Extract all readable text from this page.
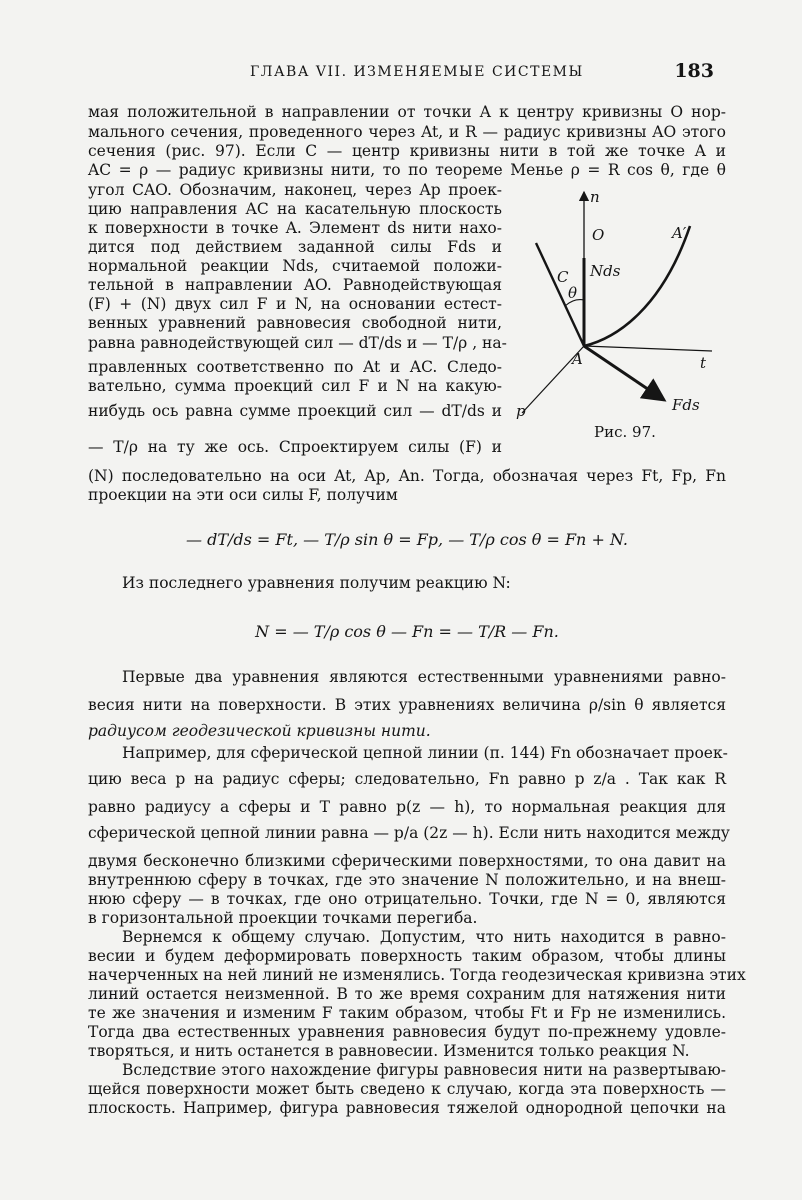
ГЛАВА VII. ИЗМЕНЯЕМЫЕ СИСТЕМЫ	183
мая положительной в направлении от точки A к центру кривизны O нор-
мального сечения, проведенного через At, и R — радиус кривизны AO этого
сечения (рис. 97). Если C — центр кривизны нити в той же точке A и
AC = ρ — радиус кривизны нити, то по теореме Менье ρ = R cos θ, где θ
угол CAO. Обозначим, наконец, через Ap проек-
цию направления AC на касательную плоскость
к поверхности в точке A. Элемент ds нити нахо-
дится под действием заданной силы Fds и
нормальной реакции Nds, считаемой положи-
тельной в направлении AO. Равнодействующая
(F) + (N) двух сил F и N, на основании естест-
венных уравнений равновесия свободной нити,
равна равнодействующей сил — dT/ds и — T/ρ , на-
правленных соответственно по At и AC. Следо-
вательно, сумма проекций сил F и N на какую-
нибудь ось равна сумме проекций сил — dT/ds и
— T/ρ на ту же ось. Спроектируем силы (F) и
(N) последовательно на оси At, Ap, An. Тогда, обозначая через Ft, Fp, Fn
проекции на эти оси силы F, получим
— dT/ds = Ft, — T/ρ sin θ = Fp, — T/ρ cos θ = Fn + N.
Из последнего уравнения получим реакцию N:
N = — T/ρ cos θ — Fn = — T/R — Fn.
Первые два уравнения являются естественными уравнениями равно-
весия нити на поверхности. В этих уравнениях величина ρ/sin θ является
радиусом геодезической кривизны нити.
Например, для сферической цепной линии (п. 144) Fn обозначает проек-
цию веса p на радиус сферы; следовательно, Fn равно p z/a . Так как R
равно радиусу a сферы и T равно p(z — h), то нормальная реакция для
сферической цепной линии равна — p/a (2z — h). Если нить находится между
двумя бесконечно близкими сферическими поверхностями, то она давит на
внутреннюю сферу в точках, где это значение N положительно, и на внеш-
нюю сферу — в точках, где оно отрицательно. Точки, где N = 0, являются
в горизонтальной проекции точками перегиба.
Вернемся к общему случаю. Допустим, что нить находится в равно-
весии и будем деформировать поверхность таким образом, чтобы длины
начерченных на ней линий не изменялись. Тогда геодезическая кривизна этих
линий остается неизменной. В то же время сохраним для натяжения нити
те же значения и изменим F таким образом, чтобы Ft и Fp не изменились.
Тогда два естественных уравнения равновесия будут по-прежнему удовле-
творяться, и нить останется в равновесии. Изменится только реакция N.
Вследствие этого нахождение фигуры равновесия нити на развертываю-
щейся поверхности может быть сведено к случаю, когда эта поверхность —
плоскость. Например, фигура равновесия тяжелой однородной цепочки на
n
O	A′
C
θ
Nds
A	t
p	Fds
Рис. 97.
